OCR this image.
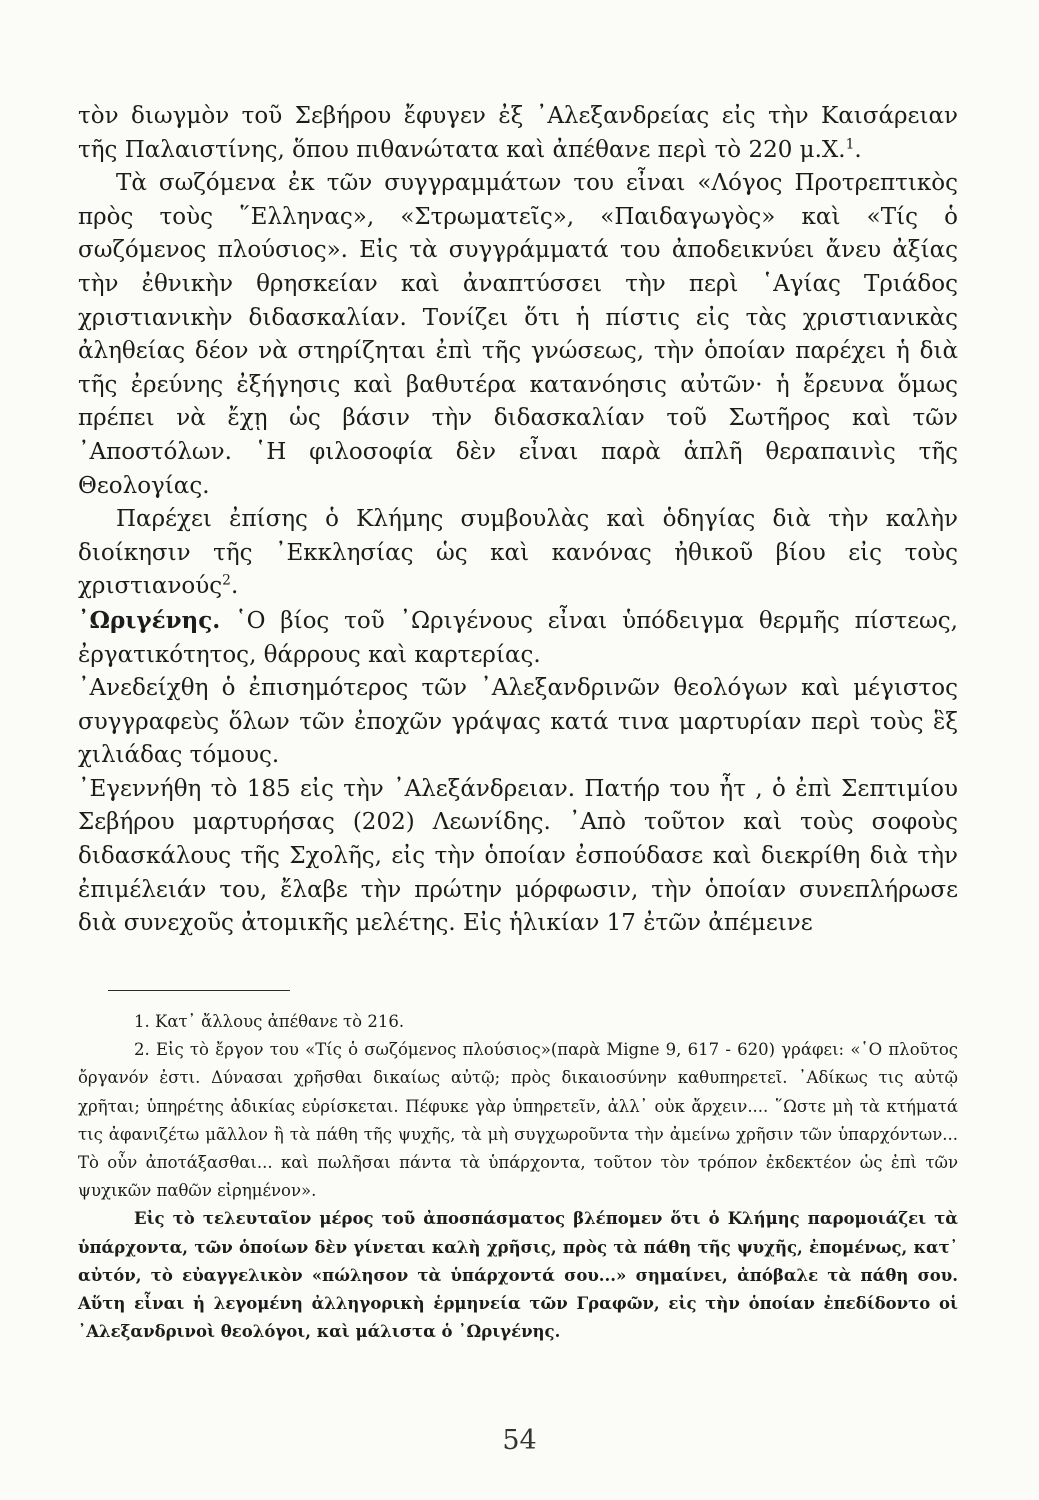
τὸν διωγμὸν τοῦ Σεβήρου ἔφυγεν ἐξ ᾿Αλεξανδρείας εἰς τὴν Καισάρειαν τῆς Παλαιστίνης, ὅπου πιθανώτατα καὶ ἀπέθανε περὶ τὸ 220 μ.Χ.$^1$.

Τὰ σωζόμενα ἐκ τῶν συγγραμμάτων του εἶναι «Λόγος Προτρεπτικὸς πρὸς τοὺς ῞Ελληνας», «Στρωματεῖς», «Παιδαγωγὸς» καὶ «Τίς ὁ σωζόμενος πλούσιος». Εἰς τὰ συγγράμματά του ἀποδεικνύει ἄνευ ἀξίας τὴν ἐθνικὴν θρησκείαν καὶ ἀναπτύσσει τὴν περὶ ῾Αγίας Τριάδος χριστιανικὴν διδασκαλίαν. Τονίζει ὅτι ἡ πίστις εἰς τὰς χριστιανικὰς ἀληθείας δέον νὰ στηρίζηται ἐπὶ τῆς γνώσεως, τὴν ὁποίαν παρέχει ἡ διὰ τῆς ἐρεύνης ἐξήγησις καὶ βαθυτέρα κατανόησις αὐτῶν· ἡ ἔρευνα ὅμως πρέπει νὰ ἔχῃ ὡς βάσιν τὴν διδασκαλίαν τοῦ Σωτῆρος καὶ τῶν ᾿Αποστόλων. ῾Η φιλοσοφία δὲν εἶναι παρὰ ἁπλῆ θεραπαινὶς τῆς Θεολογίας.

Παρέχει ἐπίσης ὁ Κλήμης συμβουλὰς καὶ ὁδηγίας διὰ τὴν καλὴν διοίκησιν τῆς ᾿Εκκλησίας ὡς καὶ κανόνας ἠθικοῦ βίου εἰς τοὺς χριστιανούς$^2$.

᾿Ωριγένης. ῾Ο βίος τοῦ ᾿Ωριγένους εἶναι ὑπόδειγμα θερμῆς πίστεως, ἐργατικότητος, θάρρους καὶ καρτερίας.

᾿Ανεδείχθη ὁ ἐπισημότερος τῶν ᾿Αλεξανδρινῶν θεολόγων καὶ μέγιστος συγγραφεὺς ὅλων τῶν ἐποχῶν γράψας κατά τινα μαρτυρίαν περὶ τοὺς ἓξ χιλιάδας τόμους.

᾿Εγεννήθη τὸ 185 εἰς τὴν ᾿Αλεξάνδρειαν. Πατήρ του ἦτ , ὁ ἐπὶ Σεπτιμίου Σεβήρου μαρτυρήσας (202) Λεωνίδης. ᾿Απὸ τοῦτον καὶ τοὺς σοφοὺς διδασκάλους τῆς Σχολῆς, εἰς τὴν ὁποίαν ἐσπούδασε καὶ διεκρίθη διὰ τὴν ἐπιμέλειάν του, ἔλαβε τὴν πρώτην μόρφωσιν, τὴν ὁποίαν συνεπλήρωσε διὰ συνεχοῦς ἀτομικῆς μελέτης. Εἰς ἡλικίαν 17 ἐτῶν ἀπέμεινε

1. Κατ᾿ ἄλλους ἀπέθανε τὸ 216.

2. Εἰς τὸ ἔργον του «Τίς ὁ σωζόμενος πλούσιος»(παρὰ Migne 9, 617 - 620) γράφει: «῾Ο πλοῦτος ὄργανόν ἐστι. Δύνασαι χρῆσθαι δικαίως αὐτῷ; πρὸς δικαιοσύνην καθυπηρετεῖ. ᾿Αδίκως τις αὐτῷ χρῆται; ὑπηρέτης ἀδικίας εὑρίσκεται. Πέφυκε γὰρ ὑπηρετεῖν, ἀλλ᾿ οὐκ ἄρχειν.... ῞Ωστε μὴ τὰ κτήματά τις ἀφανιζέτω μᾶλλον ἢ τὰ πάθη τῆς ψυχῆς, τὰ μὴ συγχωροῦντα τὴν ἀμείνω χρῆσιν τῶν ὑπαρχόντων... Τὸ οὖν ἀποτάξασθαι... καὶ πωλῆσαι πάντα τὰ ὑπάρχοντα, τοῦτον τὸν τρόπον ἐκδεκτέον ὡς ἐπὶ τῶν ψυχικῶν παθῶν εἰρημένον».

Εἰς τὸ τελευταῖον μέρος τοῦ ἀποσπάσματος βλέπομεν ὅτι ὁ Κλήμης παρομοιάζει τὰ ὑπάρχοντα, τῶν ὁποίων δὲν γίνεται καλὴ χρῆσις, πρὸς τὰ πάθη τῆς ψυχῆς, ἐπομένως, κατ᾿ αὐτόν, τὸ εὐαγγελικὸν «πώλησον τὰ ὑπάρχοντά σου...» σημαίνει, ἀπόβαλε τὰ πάθη σου. Αὕτη εἶναι ἡ λεγομένη ἀλληγορικὴ ἑρμηνεία τῶν Γραφῶν, εἰς τὴν ὁποίαν ἐπεδίδοντο οἱ ᾿Αλεξανδρινοὶ θεολόγοι, καὶ μάλιστα ὁ ᾿Ωριγένης.

54
